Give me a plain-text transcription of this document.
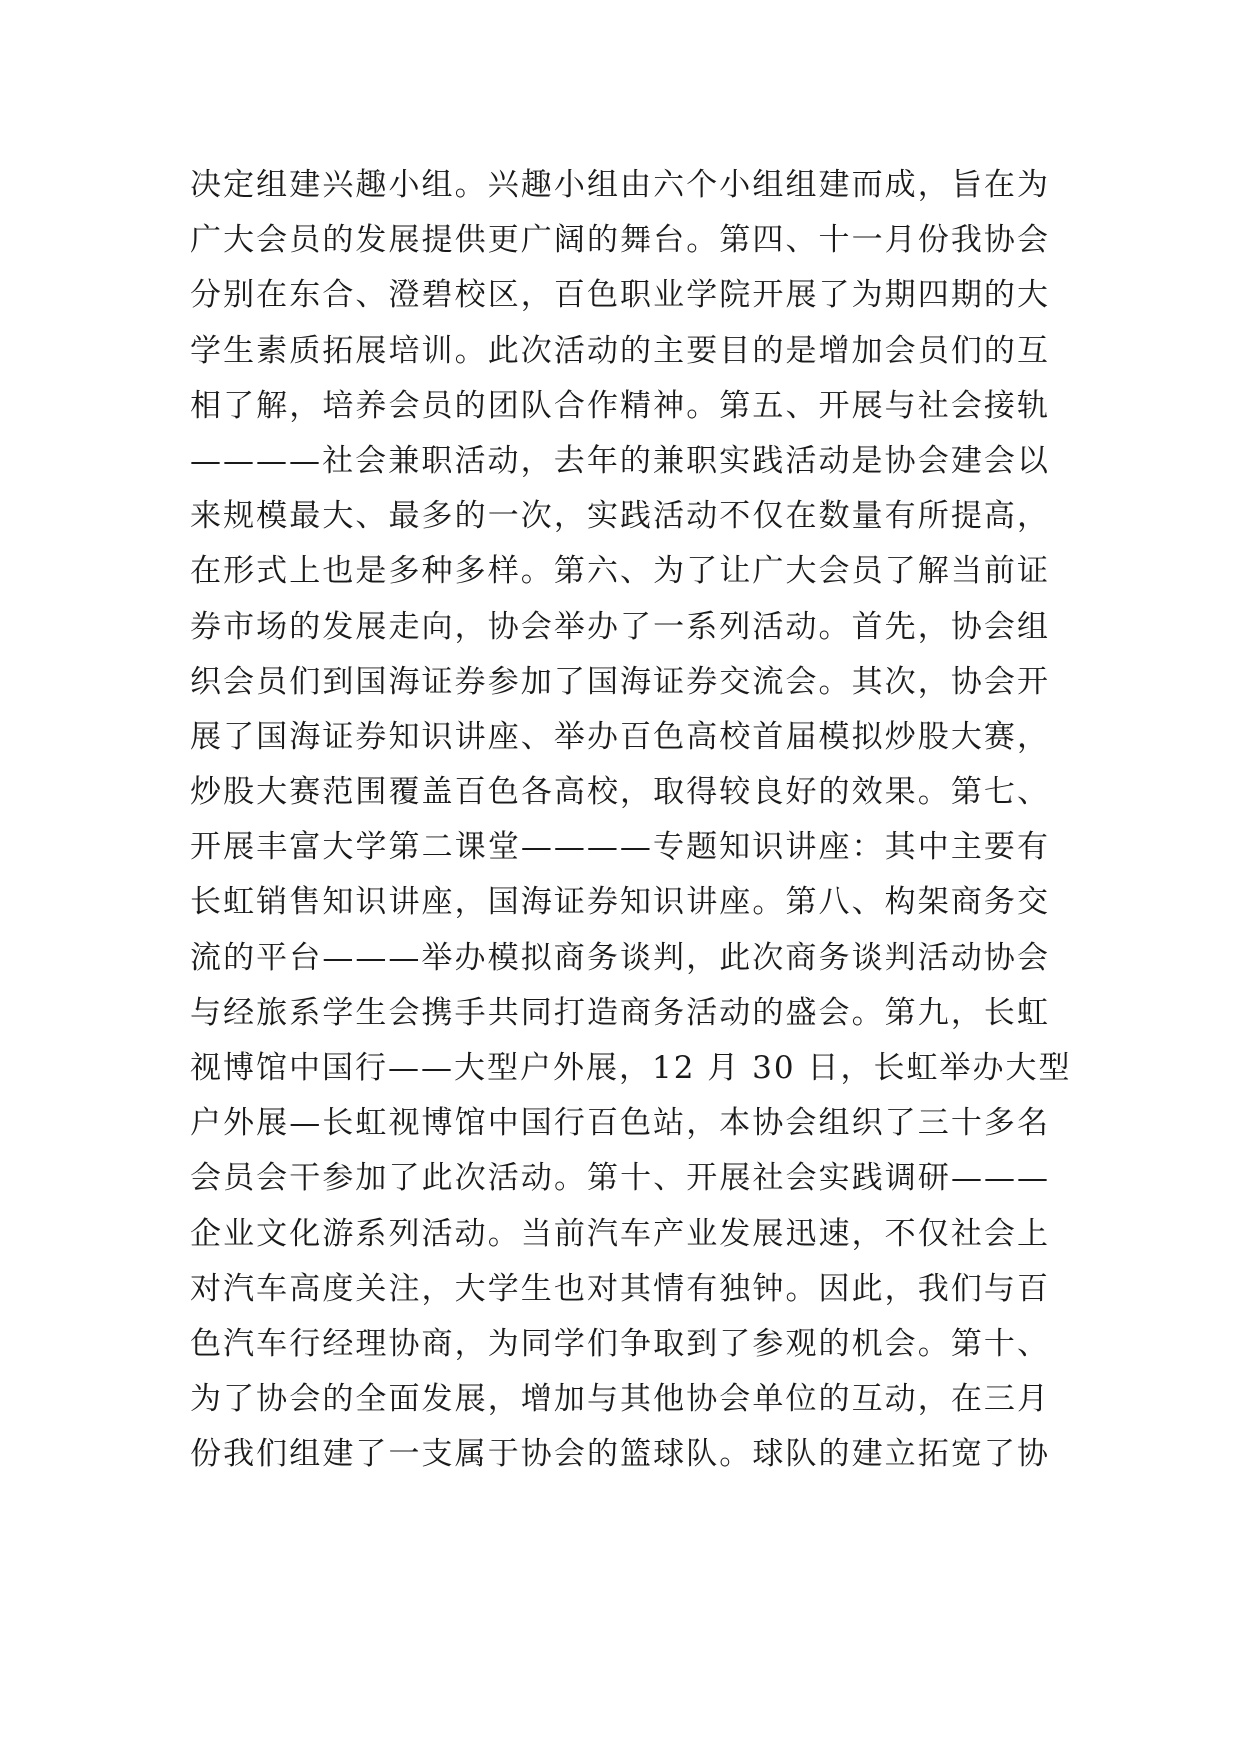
决定组建兴趣小组。兴趣小组由六个小组组建而成，旨在为
广大会员的发展提供更广阔的舞台。第四、十一月份我协会
分别在东合、澄碧校区，百色职业学院开展了为期四期的大
学生素质拓展培训。此次活动的主要目的是增加会员们的互
相了解，培养会员的团队合作精神。第五、开展与社会接轨
————社会兼职活动，去年的兼职实践活动是协会建会以
来规模最大、最多的一次，实践活动不仅在数量有所提高，
在形式上也是多种多样。第六、为了让广大会员了解当前证
券市场的发展走向，协会举办了一系列活动。首先，协会组
织会员们到国海证券参加了国海证券交流会。其次，协会开
展了国海证券知识讲座、举办百色高校首届模拟炒股大赛，
炒股大赛范围覆盖百色各高校，取得较良好的效果。第七、
开展丰富大学第二课堂————专题知识讲座：其中主要有
长虹销售知识讲座，国海证券知识讲座。第八、构架商务交
流的平台———举办模拟商务谈判，此次商务谈判活动协会
与经旅系学生会携手共同打造商务活动的盛会。第九，长虹
视博馆中国行——大型户外展，12 月 30 日，长虹举办大型
户外展—长虹视博馆中国行百色站，本协会组织了三十多名
会员会干参加了此次活动。第十、开展社会实践调研———
企业文化游系列活动。当前汽车产业发展迅速，不仅社会上
对汽车高度关注，大学生也对其情有独钟。因此，我们与百
色汽车行经理协商，为同学们争取到了参观的机会。第十、
为了协会的全面发展，增加与其他协会单位的互动，在三月
份我们组建了一支属于协会的篮球队。球队的建立拓宽了协
